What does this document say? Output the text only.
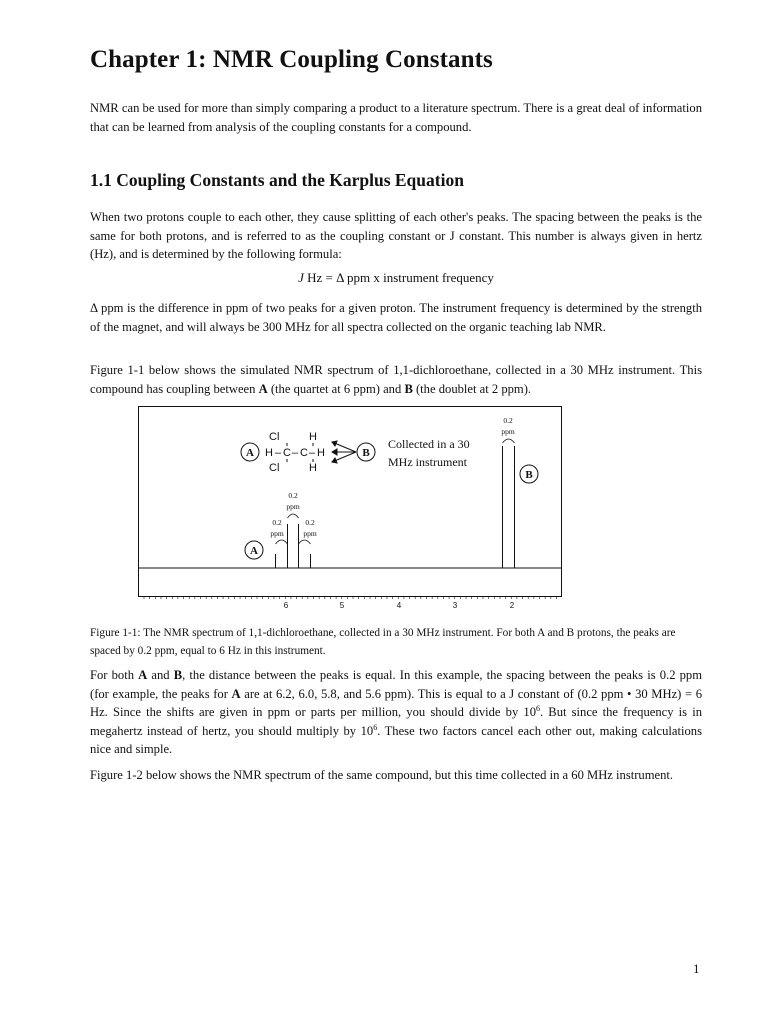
Chapter 1: NMR Coupling Constants

NMR can be used for more than simply comparing a product to a literature spectrum. There is a great deal of information that can be learned from analysis of the coupling constants for a compound.

1.1 Coupling Constants and the Karplus Equation

When two protons couple to each other, they cause splitting of each other's peaks. The spacing between the peaks is the same for both protons, and is referred to as the coupling constant or J constant. This number is always given in hertz (Hz), and is determined by the following formula:

J Hz = Δ ppm x instrument frequency

Δ ppm is the difference in ppm of two peaks for a given proton. The instrument frequency is determined by the strength of the magnet, and will always be 300 MHz for all spectra collected on the organic teaching lab NMR.

Figure 1-1 below shows the simulated NMR spectrum of 1,1-dichloroethane, collected in a 30 MHz instrument. This compound has coupling between A (the quartet at 6 ppm) and B (the doublet at 2 ppm).

6	5	4	3	2
0.2
ppm
0.2
ppm
0.2
ppm
0.2
ppm
A	B
A
B
Cl	H
H – C – C – H
Cl	H
Collected in a 30
MHz instrument

Figure 1-1: The NMR spectrum of 1,1-dichloroethane, collected in a 30 MHz instrument. For both A and B protons, the peaks are spaced by 0.2 ppm, equal to 6 Hz in this instrument.

For both A and B, the distance between the peaks is equal. In this example, the spacing between the peaks is 0.2 ppm (for example, the peaks for A are at 6.2, 6.0, 5.8, and 5.6 ppm). This is equal to a J constant of (0.2 ppm • 30 MHz) = 6 Hz. Since the shifts are given in ppm or parts per million, you should divide by $10^6$. But since the frequency is in megahertz instead of hertz, you should multiply by $10^6$. These two factors cancel each other out, making calculations nice and simple.

Figure 1-2 below shows the NMR spectrum of the same compound, but this time collected in a 60 MHz instrument.

1
